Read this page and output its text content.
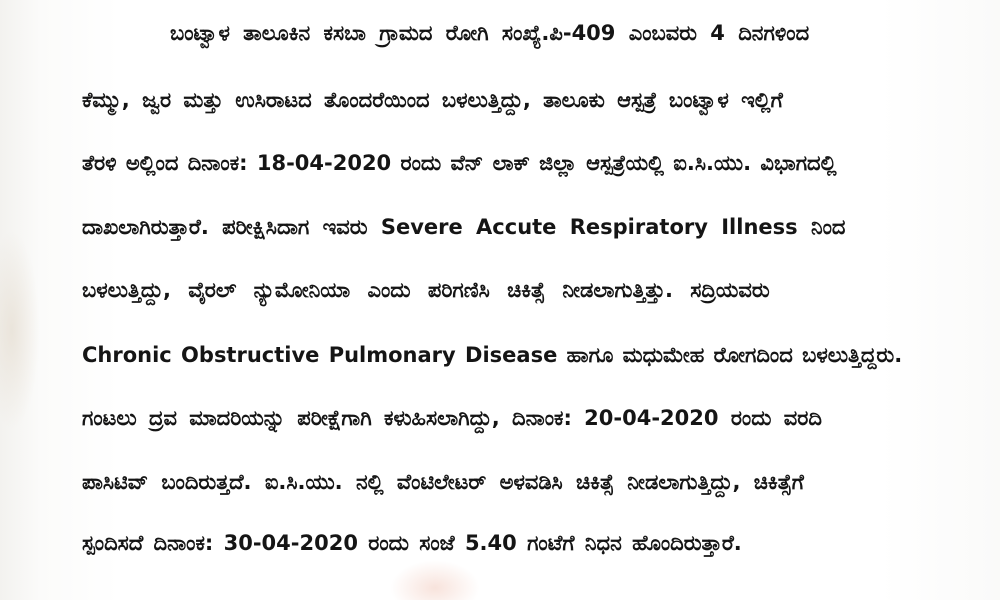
ಬಂಟ್ವಾಳ ತಾಲೂಕಿನ ಕಸಬಾ ಗ್ರಾಮದ ರೋಗಿ ಸಂಖ್ಯೆ.ಪಿ-409 ಎಂಬವರು 4 ದಿನಗಳಿಂದ
ಕೆಮ್ಮು, ಜ್ವರ ಮತ್ತು ಉಸಿರಾಟದ ತೊಂದರೆಯಿಂದ ಬಳಲುತ್ತಿದ್ದು, ತಾಲೂಕು ಆಸ್ಪತ್ರೆ ಬಂಟ್ವಾಳ ಇಲ್ಲಿಗೆ
ತೆರಳಿ ಅಲ್ಲಿಂದ ದಿನಾಂಕ: 18-04-2020 ರಂದು ವೆನ್ ಲಾಕ್ ಜಿಲ್ಲಾ ಆಸ್ಪತ್ರೆಯಲ್ಲಿ ಐ.ಸಿ.ಯು. ವಿಭಾಗದಲ್ಲಿ
ದಾಖಲಾಗಿರುತ್ತಾರೆ. ಪರೀಕ್ಷಿಸಿದಾಗ ಇವರು Severe Accute Respiratory Illness ನಿಂದ
ಬಳಲುತ್ತಿದ್ದು, ವೈರಲ್ ನ್ಯುಮೋನಿಯಾ ಎಂದು ಪರಿಗಣಿಸಿ ಚಿಕಿತ್ಸೆ ನೀಡಲಾಗುತ್ತಿತ್ತು. ಸದ್ರಿಯವರು
Chronic Obstructive Pulmonary Disease ಹಾಗೂ ಮಧುಮೇಹ ರೋಗದಿಂದ ಬಳಲುತ್ತಿದ್ದರು.
ಗಂಟಲು ದ್ರವ ಮಾದರಿಯನ್ನು ಪರೀಕ್ಷೆಗಾಗಿ ಕಳುಹಿಸಲಾಗಿದ್ದು, ದಿನಾಂಕ: 20-04-2020 ರಂದು ವರದಿ
ಪಾಸಿಟಿವ್ ಬಂದಿರುತ್ತದೆ. ಐ.ಸಿ.ಯು. ನಲ್ಲಿ ವೆಂಟಿಲೇಟರ್ ಅಳವಡಿಸಿ ಚಿಕಿತ್ಸೆ ನೀಡಲಾಗುತ್ತಿದ್ದು, ಚಿಕಿತ್ಸೆಗೆ
ಸ್ಪಂದಿಸದೆ ದಿನಾಂಕ: 30-04-2020 ರಂದು ಸಂಜೆ 5.40 ಗಂಟೆಗೆ ನಿಧನ ಹೊಂದಿರುತ್ತಾರೆ.
